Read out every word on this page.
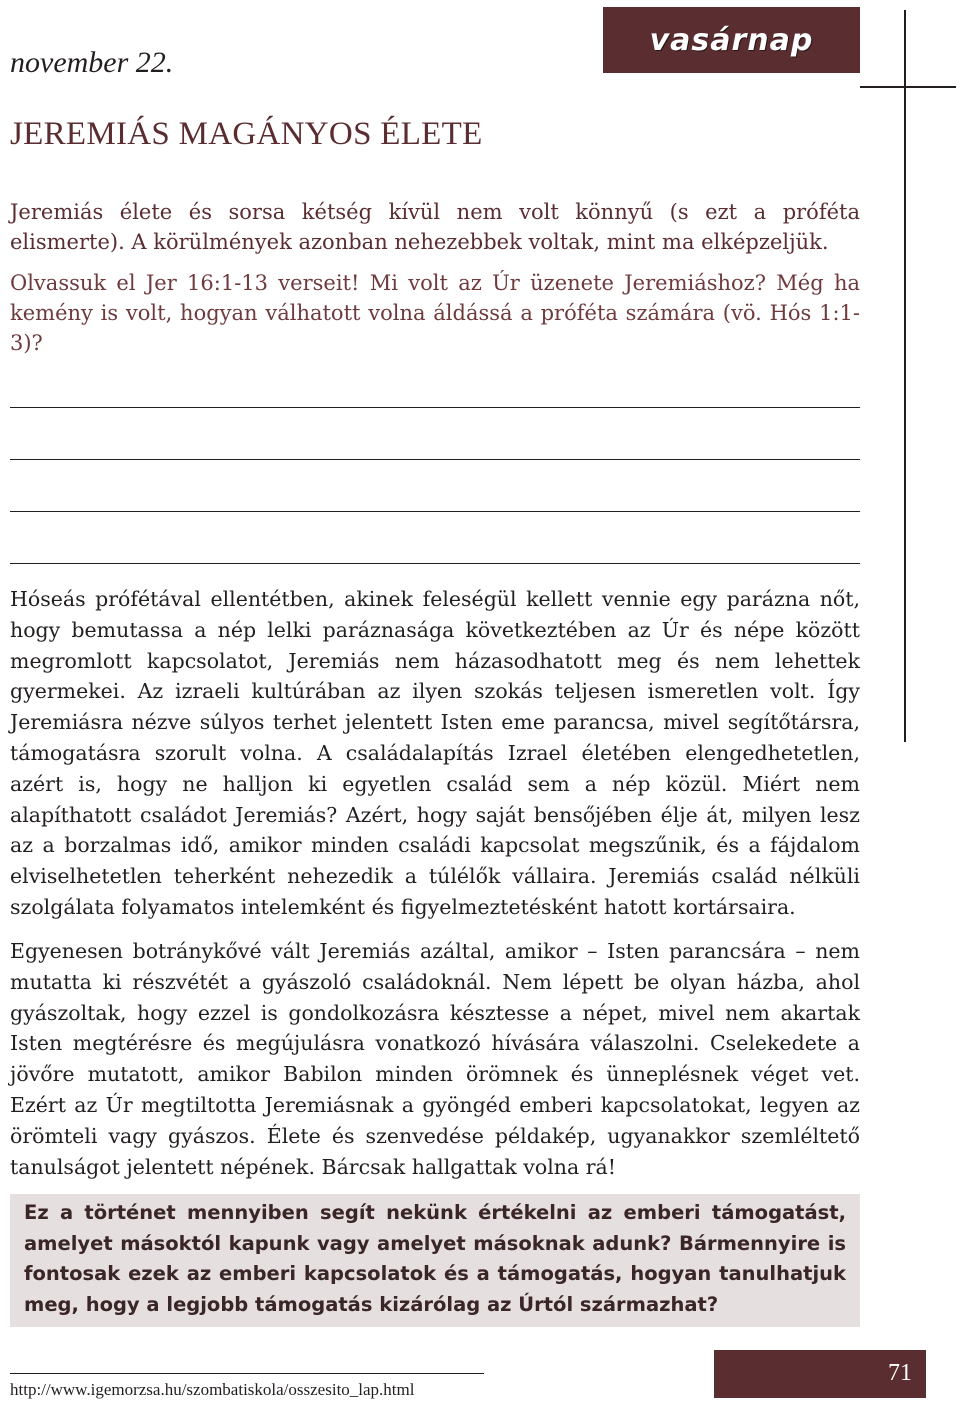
november 22.
vasárnap
JEREMIÁS MAGÁNYOS ÉLETE

Jeremiás élete és sorsa kétség kívül nem volt könnyű (s ezt a próféta elismerte). A körülmények azonban nehezebbek voltak, mint ma elképzeljük.

Olvassuk el Jer 16:1-13 verseit! Mi volt az Úr üzenete Jeremiáshoz? Még ha kemény is volt, hogyan válhatott volna áldássá a próféta számára (vö. Hós 1:1-3)?

Hóseás prófétával ellentétben, akinek feleségül kellett vennie egy parázna nőt, hogy bemutassa a nép lelki paráznasága következtében az Úr és népe között megromlott kapcsolatot, Jeremiás nem házasodhatott meg és nem lehettek gyermekei. Az izraeli kultúrában az ilyen szokás teljesen ismeretlen volt. Így Jeremiásra nézve súlyos terhet jelentett Isten eme parancsa, mivel segítőtársra, támogatásra szorult volna. A családalapítás Izrael életében elengedhetetlen, azért is, hogy ne halljon ki egyetlen család sem a nép közül. Miért nem alapíthatott családot Jeremiás? Azért, hogy saját bensőjében élje át, milyen lesz az a borzalmas idő, amikor minden családi kapcsolat megszűnik, és a fájdalom elviselhetetlen teherként nehezedik a túlélők vállaira. Jeremiás család nélküli szolgálata folyamatos intelemként és figyelmeztetésként hatott kortársaira.

Egyenesen botránykővé vált Jeremiás azáltal, amikor – Isten parancsára – nem mutatta ki részvétét a gyászoló családoknál. Nem lépett be olyan házba, ahol gyászoltak, hogy ezzel is gondolkozásra késztesse a népet, mivel nem akartak Isten megtérésre és megújulásra vonatkozó hívására válaszolni. Cselekedete a jövőre mutatott, amikor Babilon minden örömnek és ünneplésnek véget vet. Ezért az Úr megtiltotta Jeremiásnak a gyöngéd emberi kapcsolatokat, legyen az örömteli vagy gyászos. Élete és szenvedése példakép, ugyanakkor szemléltető tanulságot jelentett népének. Bárcsak hallgattak volna rá!

Ez a történet mennyiben segít nekünk értékelni az emberi támogatást, amelyet másoktól kapunk vagy amelyet másoknak adunk? Bármennyire is fontosak ezek az emberi kapcsolatok és a támogatás, hogyan tanulhatjuk meg, hogy a legjobb támogatás kizárólag az Úrtól származhat?

http://www.igemorzsa.hu/szombatiskola/osszesito_lap.html
71
